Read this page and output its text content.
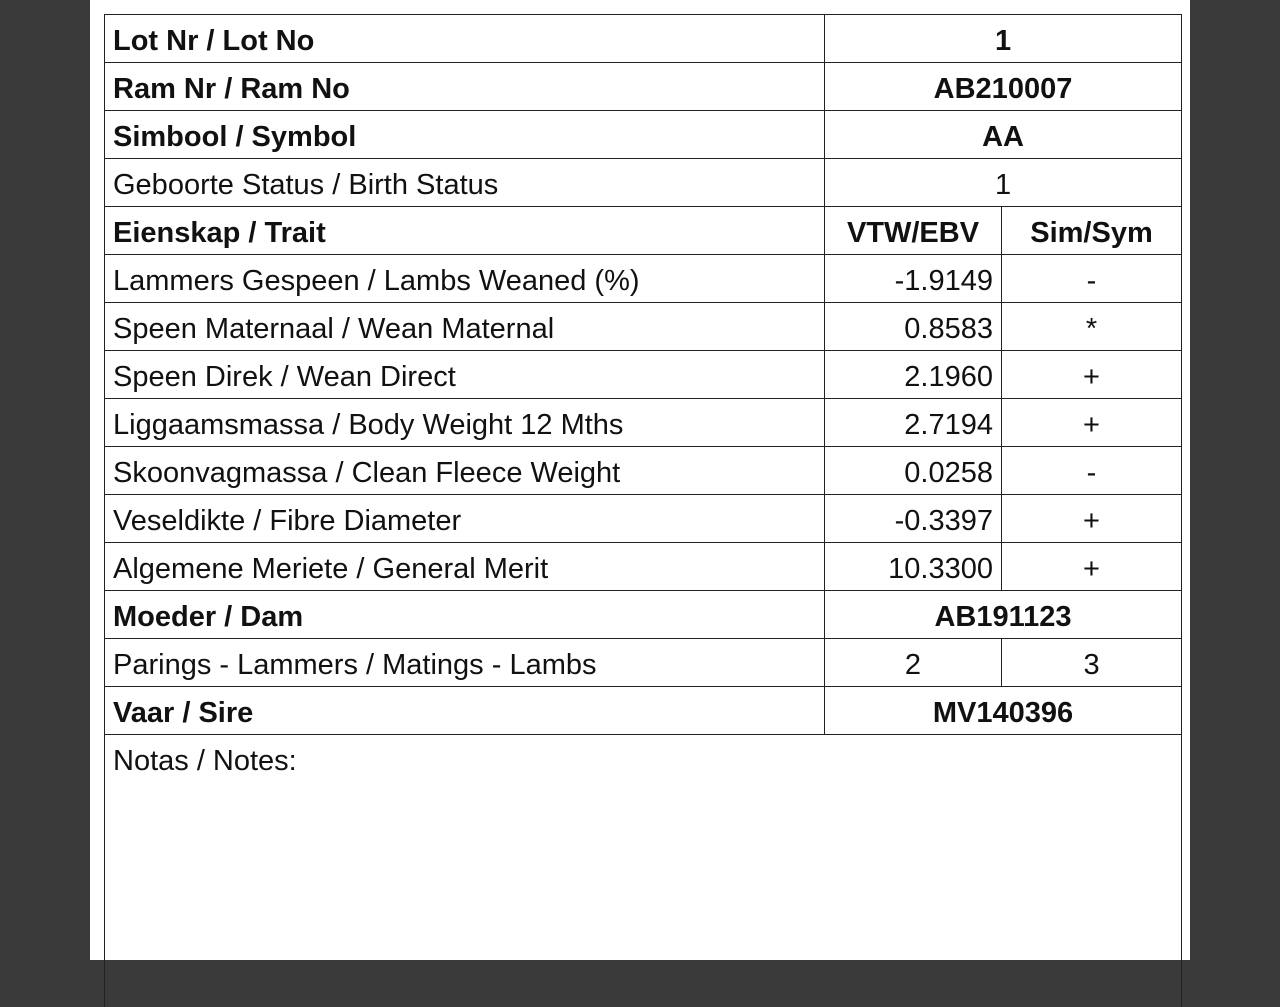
Lot Nr / Lot No	1	
Ram Nr / Ram No	AB210007	
Simbool / Symbol	AA	
Geboorte Status / Birth Status	1	
Eienskap / Trait	VTW/EBV	Sim/Sym
Lammers Gespeen / Lambs Weaned (%)	-1.9149	-
Speen Maternaal / Wean Maternal	0.8583	*
Speen Direk / Wean Direct	2.1960	+
Liggaamsmassa / Body Weight 12 Mths	2.7194	+
Skoonvagmassa / Clean Fleece Weight	0.0258	-
Veseldikte / Fibre Diameter	-0.3397	+
Algemene Meriete / General Merit	10.3300	+
Moeder / Dam	AB191123	
Parings - Lammers / Matings - Lambs	2	3
Vaar / Sire	MV140396	
Notas / Notes:		
